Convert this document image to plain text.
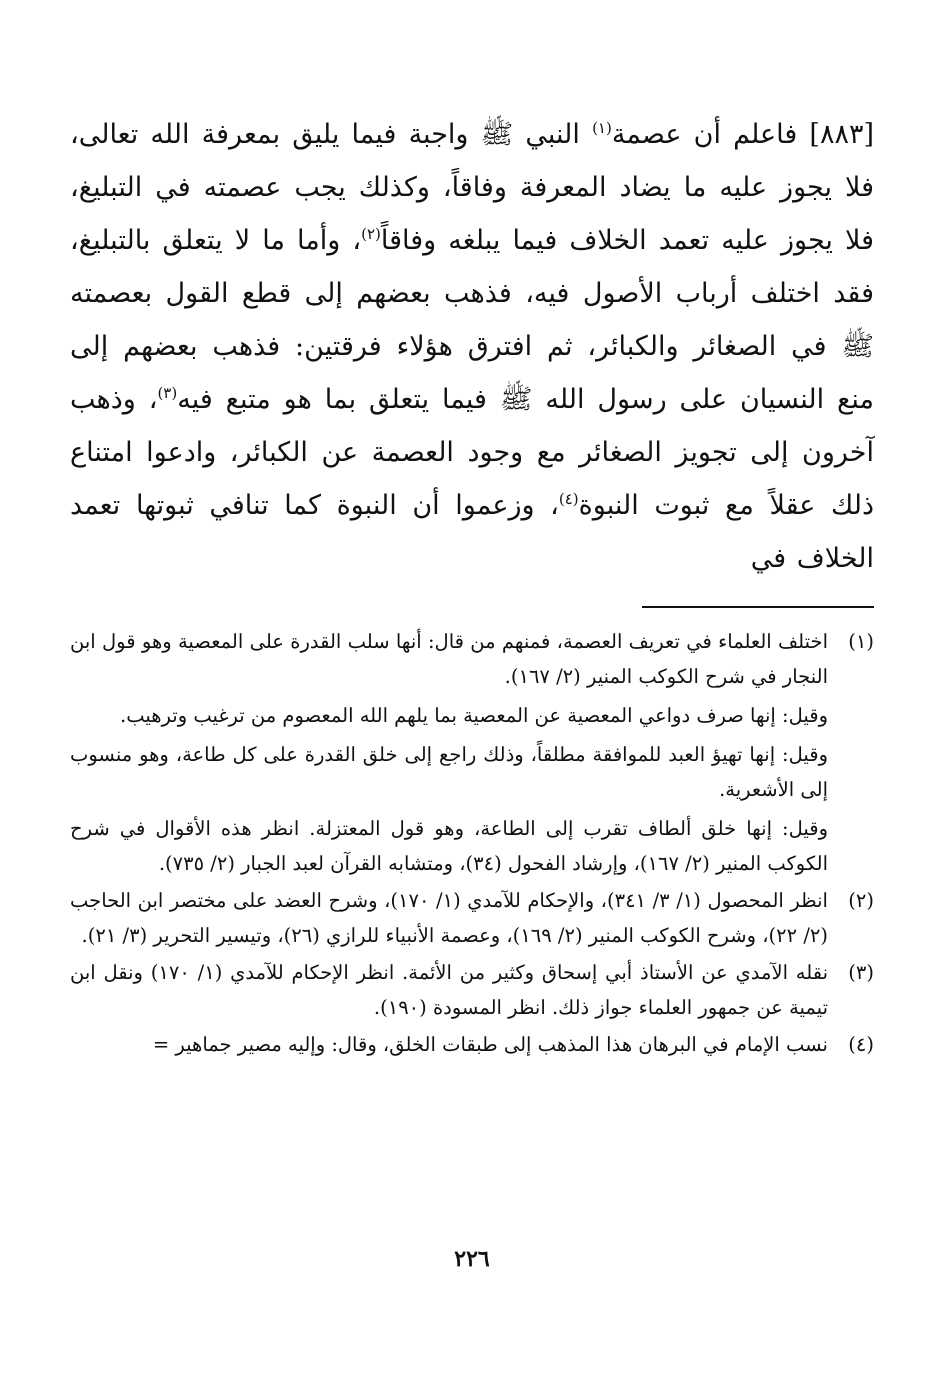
[٨٨٣] فاعلم أن عصمة$^{(١)}$ النبي ﷺ واجبة فيما يليق بمعرفة الله تعالى، فلا يجوز عليه ما يضاد المعرفة وفاقاً، وكذلك يجب عصمته في التبليغ، فلا يجوز عليه تعمد الخلاف فيما يبلغه وفاقاً$^{(٢)}$، وأما ما لا يتعلق بالتبليغ، فقد اختلف أرباب الأصول فيه، فذهب بعضهم إلى قطع القول بعصمته ﷺ في الصغائر والكبائر، ثم افترق هؤلاء فرقتين: فذهب بعضهم إلى منع النسيان على رسول الله ﷺ فيما يتعلق بما هو متبع فيه$^{(٣)}$، وذهب آخرون إلى تجويز الصغائر مع وجود العصمة عن الكبائر، وادعوا امتناع ذلك عقلاً مع ثبوت النبوة$^{(٤)}$، وزعموا أن النبوة كما تنافي ثبوتها تعمد الخلاف في

(١)

اختلف العلماء في تعريف العصمة، فمنهم من قال: أنها سلب القدرة على المعصية وهو قول ابن النجار في شرح الكوكب المنير (٢/ ١٦٧).

وقيل: إنها صرف دواعي المعصية عن المعصية بما يلهم الله المعصوم من ترغيب وترهيب.

وقيل: إنها تهيؤ العبد للموافقة مطلقاً، وذلك راجع إلى خلق القدرة على كل طاعة، وهو منسوب إلى الأشعرية.

وقيل: إنها خلق ألطاف تقرب إلى الطاعة، وهو قول المعتزلة. انظر هذه الأقوال في شرح الكوكب المنير (٢/ ١٦٧)، وإرشاد الفحول (٣٤)، ومتشابه القرآن لعبد الجبار (٢/ ٧٣٥).

(٢)

انظر المحصول (١/ ٣/ ٣٤١)، والإحكام للآمدي (١/ ١٧٠)، وشرح العضد على مختصر ابن الحاجب (٢/ ٢٢)، وشرح الكوكب المنير (٢/ ١٦٩)، وعصمة الأنبياء للرازي (٢٦)، وتيسير التحرير (٣/ ٢١).

(٣)

نقله الآمدي عن الأستاذ أبي إسحاق وكثير من الأئمة. انظر الإحكام للآمدي (١/ ١٧٠) ونقل ابن تيمية عن جمهور العلماء جواز ذلك. انظر المسودة (١٩٠).

(٤)

نسب الإمام في البرهان هذا المذهب إلى طبقات الخلق، وقال: وإليه مصير جماهير =

٢٢٦
